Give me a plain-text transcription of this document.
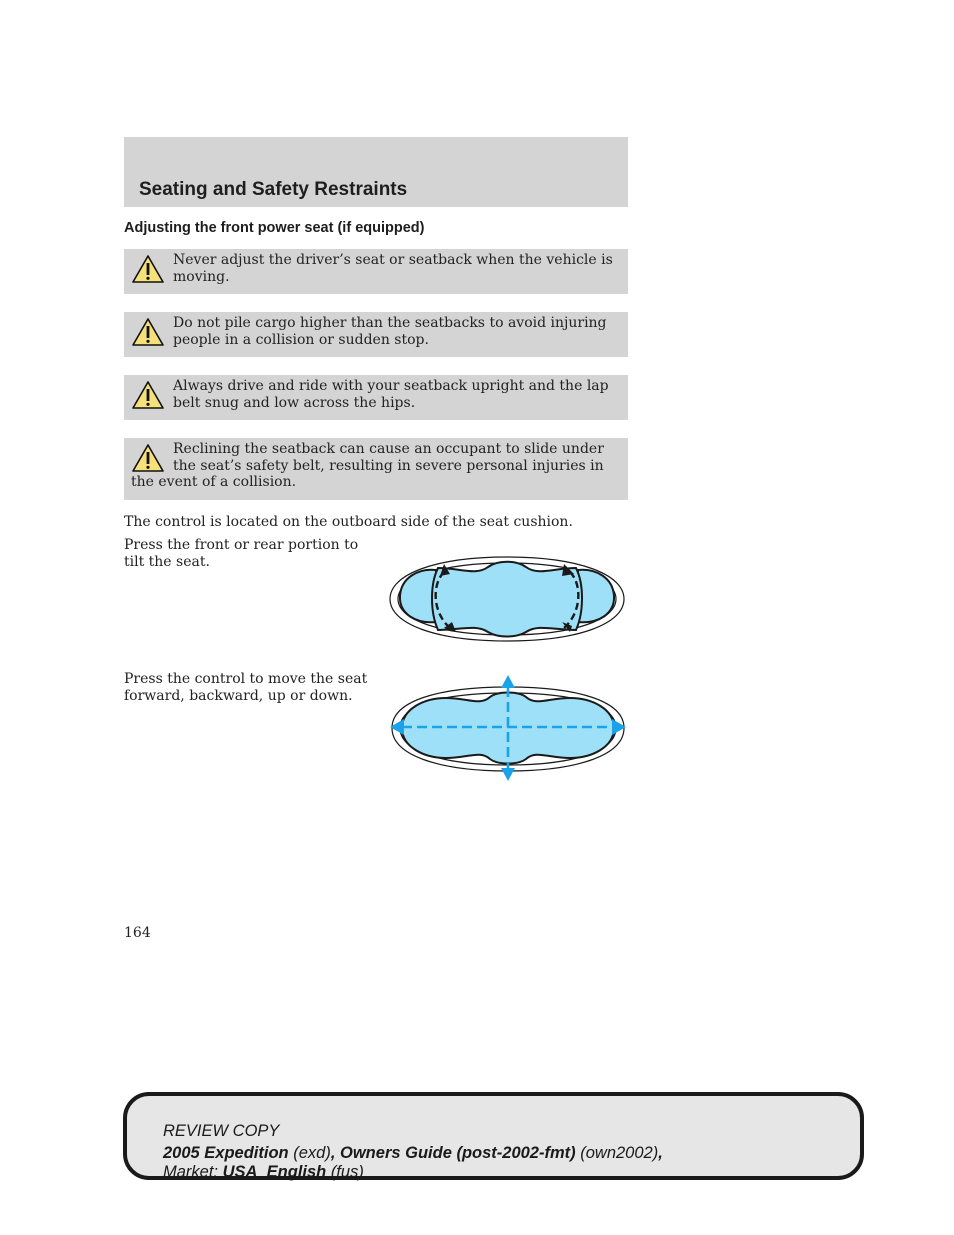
Seating and Safety Restraints

Adjusting the front power seat (if equipped)

Never adjust the driver’s seat or seatback when the vehicle is moving.
Do not pile cargo higher than the seatbacks to avoid injuring people in a collision or sudden stop.
Always drive and ride with your seatback upright and the lap belt snug and low across the hips.
Reclining the seatback can cause an occupant to slide under the seat’s safety belt, resulting in severe personal injuries in the event of a collision.

The control is located on the outboard side of the seat cushion.

Press the front or rear portion to tilt the seat.

Press the control to move the seat forward, backward, up or down.

164

REVIEW COPY
2005 Expedition (exd), Owners Guide (post-2002-fmt) (own2002),
Market: USA_English (fus)
